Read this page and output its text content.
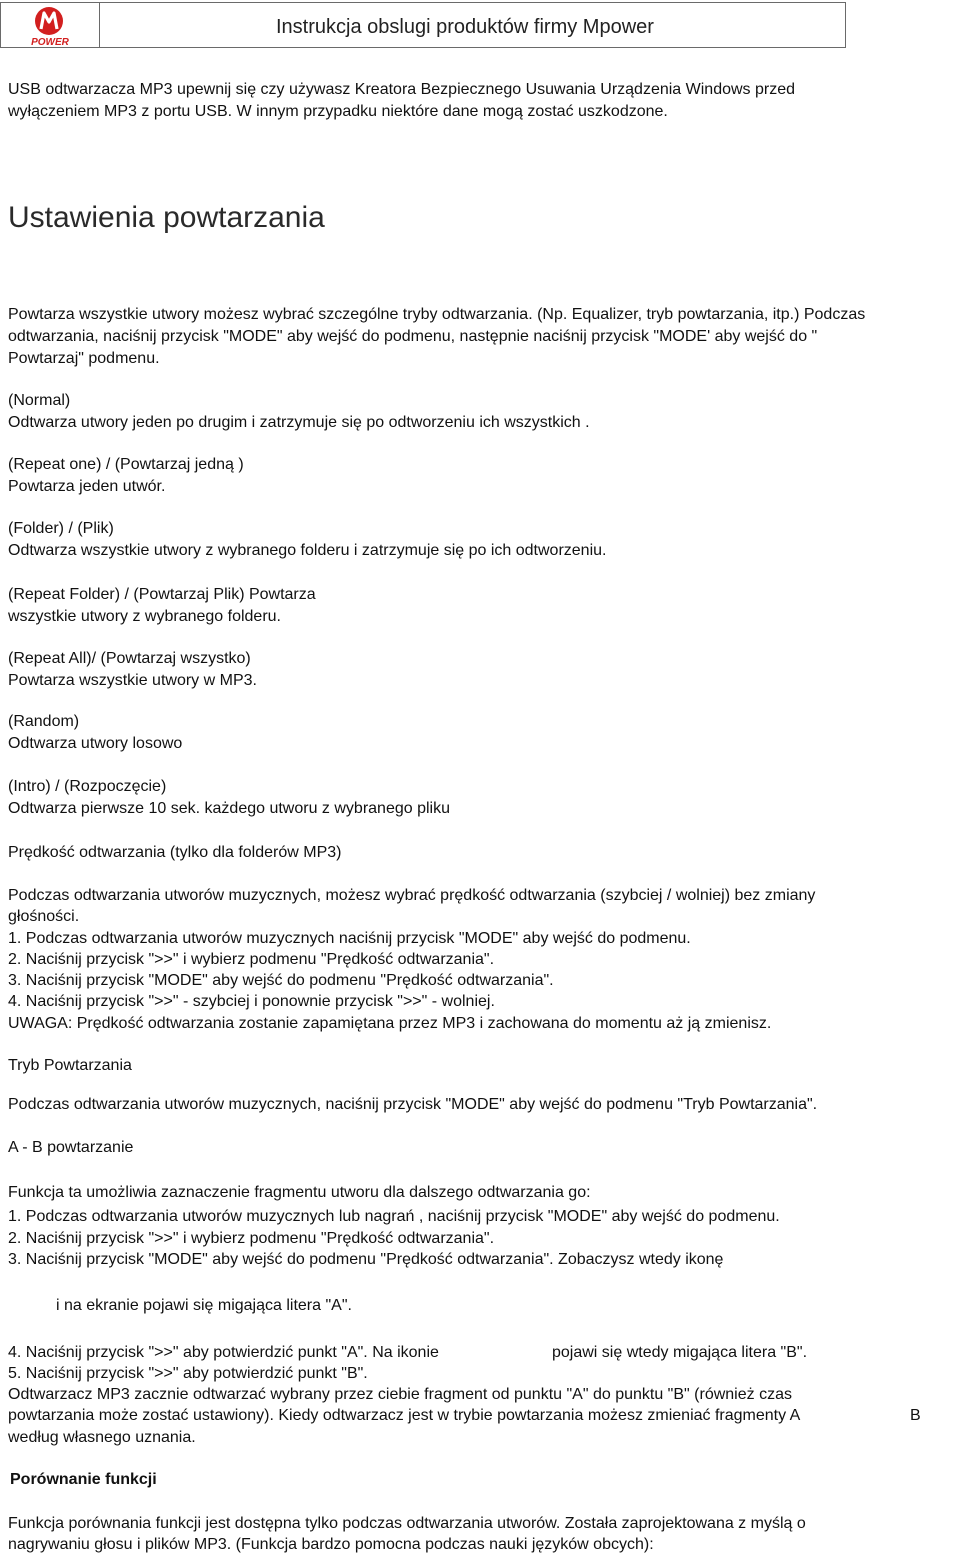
POWER
Instrukcja obslugi produktów firmy Mpower
USB odtwarzacza MP3 upewnij się czy używasz Kreatora Bezpiecznego Usuwania Urządzenia Windows przed
wyłączeniem MP3 z portu USB. W innym przypadku niektóre dane mogą zostać uszkodzone.
Ustawienia powtarzania
Powtarza wszystkie utwory możesz wybrać szczególne tryby odtwarzania. (Np. Equalizer, tryb powtarzania, itp.) Podczas
odtwarzania, naciśnij przycisk "MODE" aby wejść do podmenu, następnie naciśnij przycisk "MODE' aby wejść do "
Powtarzaj" podmenu.
(Normal)
Odtwarza utwory jeden po drugim i zatrzymuje się po odtworzeniu ich wszystkich .
(Repeat one) / (Powtarzaj jedną )
Powtarza jeden utwór.
(Folder) / (Plik)
Odtwarza wszystkie utwory z wybranego folderu i zatrzymuje się po ich odtworzeniu.
(Repeat Folder) / (Powtarzaj Plik) Powtarza
wszystkie utwory z wybranego folderu.
(Repeat All)/ (Powtarzaj wszystko)
Powtarza wszystkie utwory w MP3.
(Random)
Odtwarza utwory losowo
(Intro) / (Rozpoczęcie)
Odtwarza pierwsze 10 sek. każdego utworu z wybranego pliku
Prędkość odtwarzania (tylko dla folderów MP3)
Podczas odtwarzania utworów muzycznych, możesz wybrać prędkość odtwarzania (szybciej / wolniej) bez zmiany
głośności.
1. Podczas odtwarzania utworów muzycznych naciśnij przycisk "MODE" aby wejść do podmenu.
2. Naciśnij przycisk ">>" i wybierz podmenu "Prędkość odtwarzania".
3. Naciśnij przycisk "MODE" aby wejść do podmenu "Prędkość odtwarzania".
4. Naciśnij przycisk ">>" - szybciej i ponownie przycisk ">>" - wolniej.
UWAGA: Prędkość odtwarzania zostanie zapamiętana przez MP3 i zachowana do momentu aż ją zmienisz.
Tryb Powtarzania
Podczas odtwarzania utworów muzycznych, naciśnij przycisk "MODE" aby wejść do podmenu "Tryb Powtarzania".
A - B powtarzanie
Funkcja ta umożliwia zaznaczenie fragmentu utworu dla dalszego odtwarzania go:
1. Podczas odtwarzania utworów muzycznych lub nagrań , naciśnij przycisk "MODE" aby wejść do podmenu.
2. Naciśnij przycisk ">>" i wybierz podmenu "Prędkość odtwarzania".
3. Naciśnij przycisk "MODE" aby wejść do podmenu "Prędkość odtwarzania". Zobaczysz wtedy ikonę
i na ekranie pojawi się migająca litera "A".
4. Naciśnij przycisk ">>" aby potwierdzić punkt "A". Na ikonie	pojawi się wtedy migająca litera "B".
5. Naciśnij przycisk ">>" aby potwierdzić punkt "B".
Odtwarzacz MP3 zacznie odtwarzać wybrany przez ciebie fragment od punktu "A" do punktu "B" (również czas
powtarzania może zostać ustawiony). Kiedy odtwarzacz jest w trybie powtarzania możesz zmieniać fragmenty A	B
według własnego uznania.
Porównanie funkcji
Funkcja porównania funkcji jest dostępna tylko podczas odtwarzania utworów. Została zaprojektowana z myślą o
nagrywaniu głosu i plików MP3. (Funkcja bardzo pomocna podczas nauki języków obcych):
